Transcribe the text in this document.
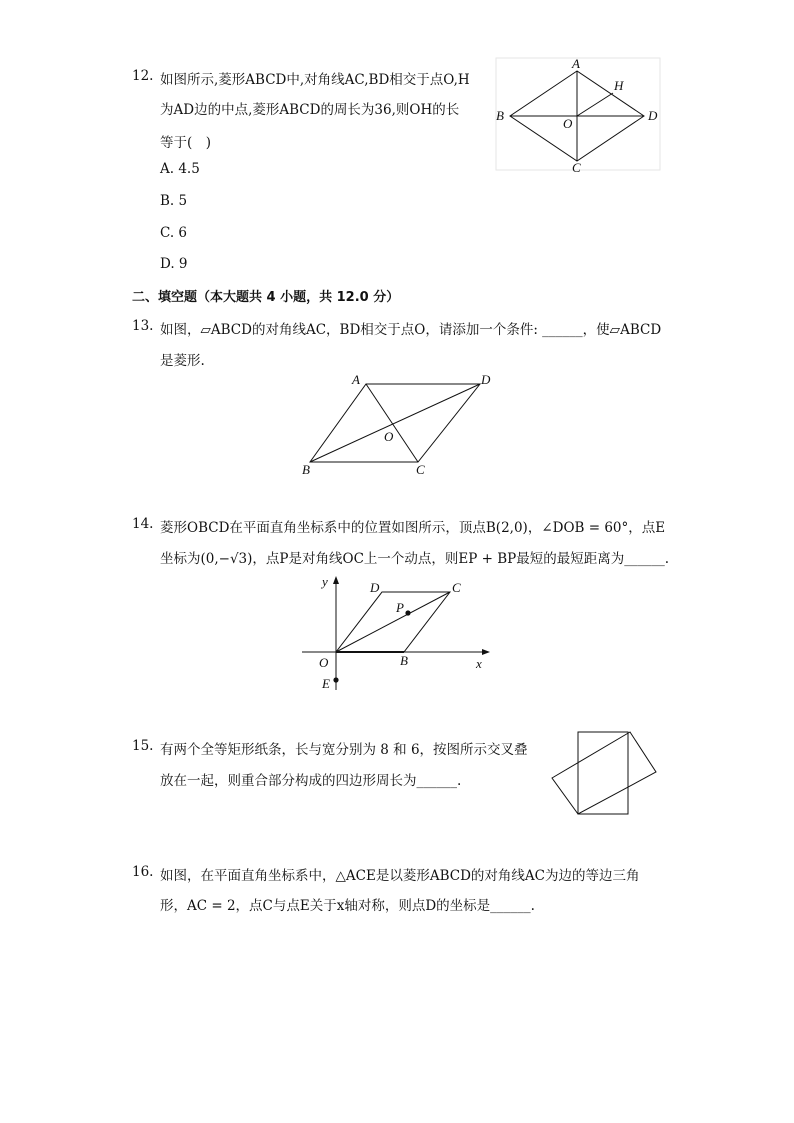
12. 如图所示,菱形ABCD中,对角线AC,BD相交于点O,H
为AD边的中点,菱形ABCD的周长为36,则OH的长
等于(　)
A. 4.5
B. 5
C. 6
D. 9
A
B
C
D
O
H
二、填空题（本大题共 4 小题，共 12.0 分）
13. 如图，▱ABCD的对角线AC，BD相交于点O，请添加一个条件: ______，使▱ABCD
是菱形.
A	D
B	C
O
14. 菱形OBCD在平面直角坐标系中的位置如图所示，顶点B(2,0)，∠DOB = 60°，点E
坐标为(0,−√3)，点P是对角线OC上一个动点，则EP + BP最短的最短距离为______.
y
x
O	B
C
D
P
E
15. 有两个全等矩形纸条，长与宽分别为 8 和 6，按图所示交叉叠
放在一起，则重合部分构成的四边形周长为______.
16. 如图，在平面直角坐标系中，△ACE是以菱形ABCD的对角线AC为边的等边三角
形，AC = 2，点C与点E关于x轴对称，则点D的坐标是______.
